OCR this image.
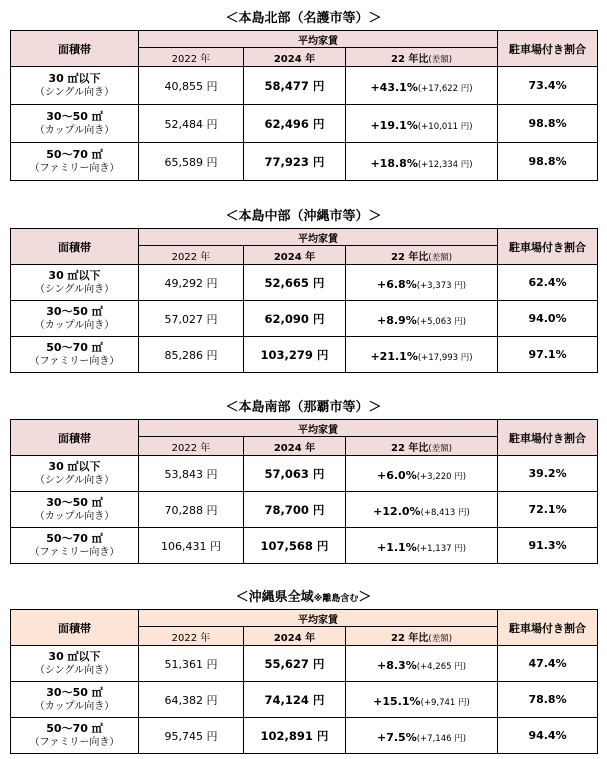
＜本島北部（名護市等）＞
面積帯	平均家賃			駐車場付き割合
	2022 年	2024 年	22 年比(差額)	

30 ㎡以下
（シングル向き）	40,855 円	58,477 円	+43.1%(+17,622 円)	73.4%

30～50 ㎡
（カップル向き）	52,484 円	62,496 円	+19.1%(+10,011 円)	98.8%

50～70 ㎡
（ファミリー向き）	65,589 円	77,923 円	+18.8%(+12,334 円)	98.8%
＜本島中部（沖縄市等）＞
面積帯	平均家賃			駐車場付き割合
	2022 年	2024 年	22 年比(差額)	

30 ㎡以下
（シングル向き）	49,292 円	52,665 円	+6.8%(+3,373 円)	62.4%

30～50 ㎡
（カップル向き）	57,027 円	62,090 円	+8.9%(+5,063 円)	94.0%

50～70 ㎡
（ファミリー向き）	85,286 円	103,279 円	+21.1%(+17,993 円)	97.1%
＜本島南部（那覇市等）＞
面積帯	平均家賃			駐車場付き割合
	2022 年	2024 年	22 年比(差額)	

30 ㎡以下
（シングル向き）	53,843 円	57,063 円	+6.0%(+3,220 円)	39.2%

30～50 ㎡
（カップル向き）	70,288 円	78,700 円	+12.0%(+8,413 円)	72.1%

50～70 ㎡
（ファミリー向き）	106,431 円	107,568 円	+1.1%(+1,137 円)	91.3%
＜沖縄県全域※離島含む＞
面積帯	平均家賃			駐車場付き割合
	2022 年	2024 年	22 年比(差額)	

30 ㎡以下
（シングル向き）	51,361 円	55,627 円	+8.3%(+4,265 円)	47.4%

30～50 ㎡
（カップル向き）	64,382 円	74,124 円	+15.1%(+9,741 円)	78.8%

50～70 ㎡
（ファミリー向き）	95,745 円	102,891 円	+7.5%(+7,146 円)	94.4%
